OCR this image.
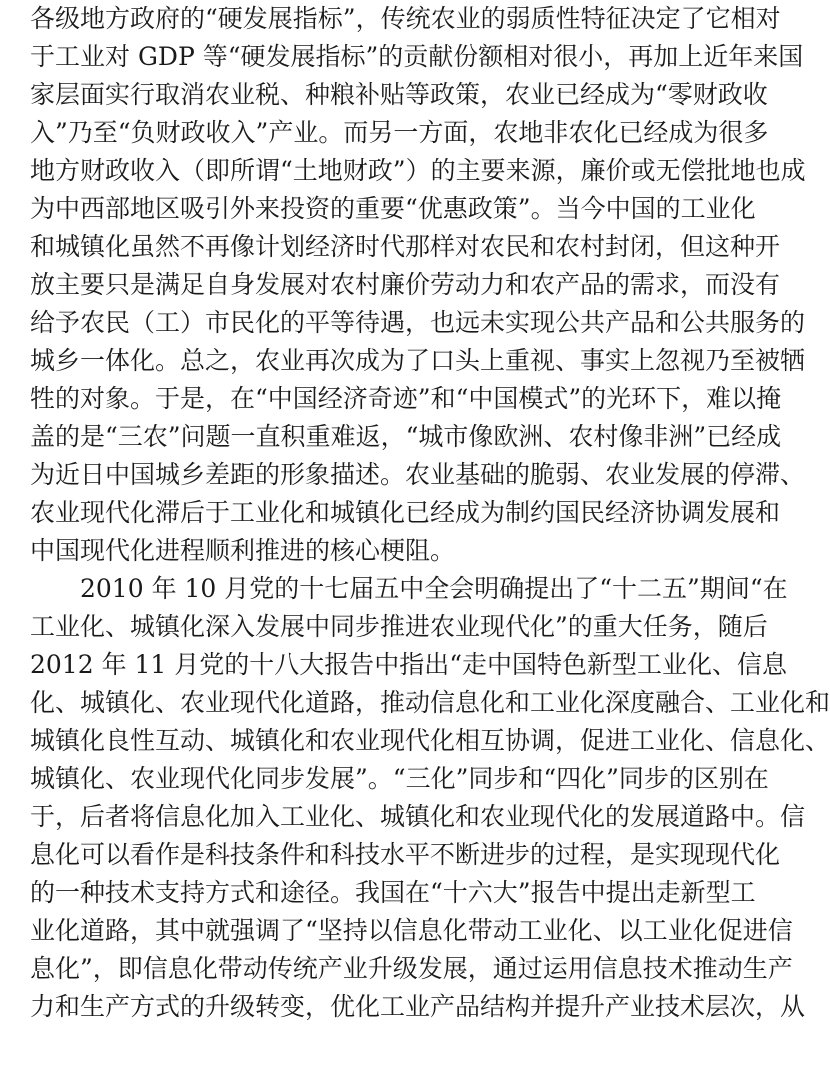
各级地方政府的“硬发展指标”，传统农业的弱质性特征决定了它相对
于工业对 GDP 等“硬发展指标”的贡献份额相对很小，再加上近年来国
家层面实行取消农业税、种粮补贴等政策，农业已经成为“零财政收
入”乃至“负财政收入”产业。而另一方面，农地非农化已经成为很多
地方财政收入（即所谓“土地财政”）的主要来源，廉价或无偿批地也成
为中西部地区吸引外来投资的重要“优惠政策”。当今中国的工业化
和城镇化虽然不再像计划经济时代那样对农民和农村封闭，但这种开
放主要只是满足自身发展对农村廉价劳动力和农产品的需求，而没有
给予农民（工）市民化的平等待遇，也远未实现公共产品和公共服务的
城乡一体化。总之，农业再次成为了口头上重视、事实上忽视乃至被牺
牲的对象。于是，在“中国经济奇迹”和“中国模式”的光环下，难以掩
盖的是“三农”问题一直积重难返，“城市像欧洲、农村像非洲”已经成
为近日中国城乡差距的形象描述。农业基础的脆弱、农业发展的停滞、
农业现代化滞后于工业化和城镇化已经成为制约国民经济协调发展和
中国现代化进程顺利推进的核心梗阻。
2010 年 10 月党的十七届五中全会明确提出了“十二五”期间“在
工业化、城镇化深入发展中同步推进农业现代化”的重大任务，随后
2012 年 11 月党的十八大报告中指出“走中国特色新型工业化、信息
化、城镇化、农业现代化道路，推动信息化和工业化深度融合、工业化和
城镇化良性互动、城镇化和农业现代化相互协调，促进工业化、信息化、
城镇化、农业现代化同步发展”。“三化”同步和“四化”同步的区别在
于，后者将信息化加入工业化、城镇化和农业现代化的发展道路中。信
息化可以看作是科技条件和科技水平不断进步的过程，是实现现代化
的一种技术支持方式和途径。我国在“十六大”报告中提出走新型工
业化道路，其中就强调了“坚持以信息化带动工业化、以工业化促进信
息化”，即信息化带动传统产业升级发展，通过运用信息技术推动生产
力和生产方式的升级转变，优化工业产品结构并提升产业技术层次，从
